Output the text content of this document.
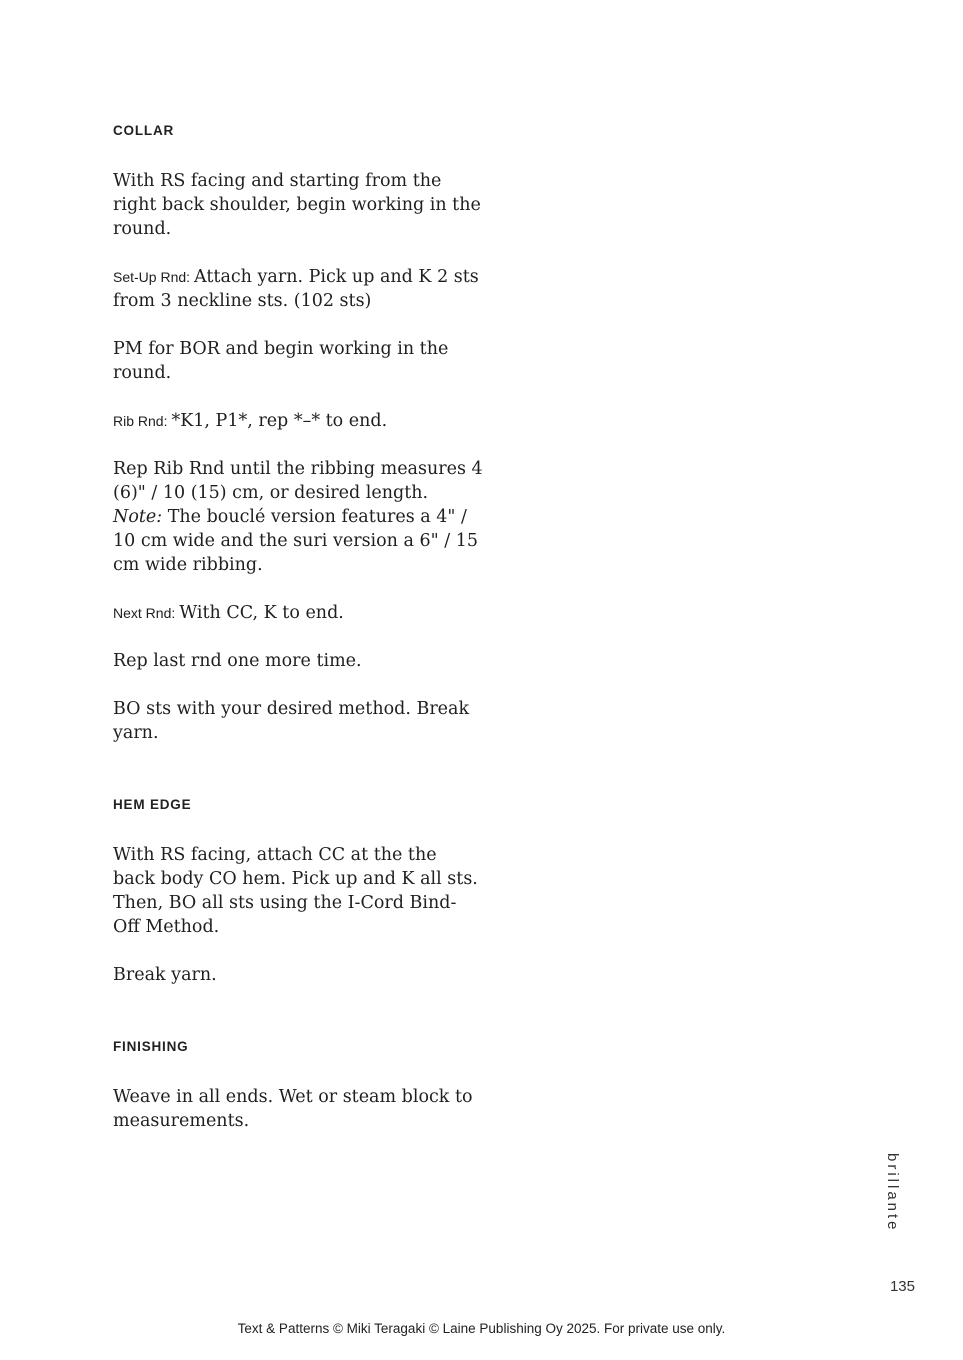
COLLAR

With RS facing and starting from the right back shoulder, begin working in the round.

Set-Up Rnd: Attach yarn. Pick up and K 2 sts from 3 neckline sts. (102 sts)

PM for BOR and begin working in the round.

Rib Rnd: *K1, P1*, rep *–* to end.

Rep Rib Rnd until the ribbing measures 4 (6)" / 10 (15) cm, or desired length.
Note: The bouclé version features a 4" / 10 cm wide and the suri version a 6" / 15 cm wide ribbing.

Next Rnd: With CC, K to end.

Rep last rnd one more time.

BO sts with your desired method. Break yarn.

HEM EDGE

With RS facing, attach CC at the the back body CO hem. Pick up and K all sts. Then, BO all sts using the I-Cord Bind-Off Method.

Break yarn.

FINISHING

Weave in all ends. Wet or steam block to measurements.

brillante
135
Text & Patterns © Miki Teragaki © Laine Publishing Oy 2025. For private use only.
